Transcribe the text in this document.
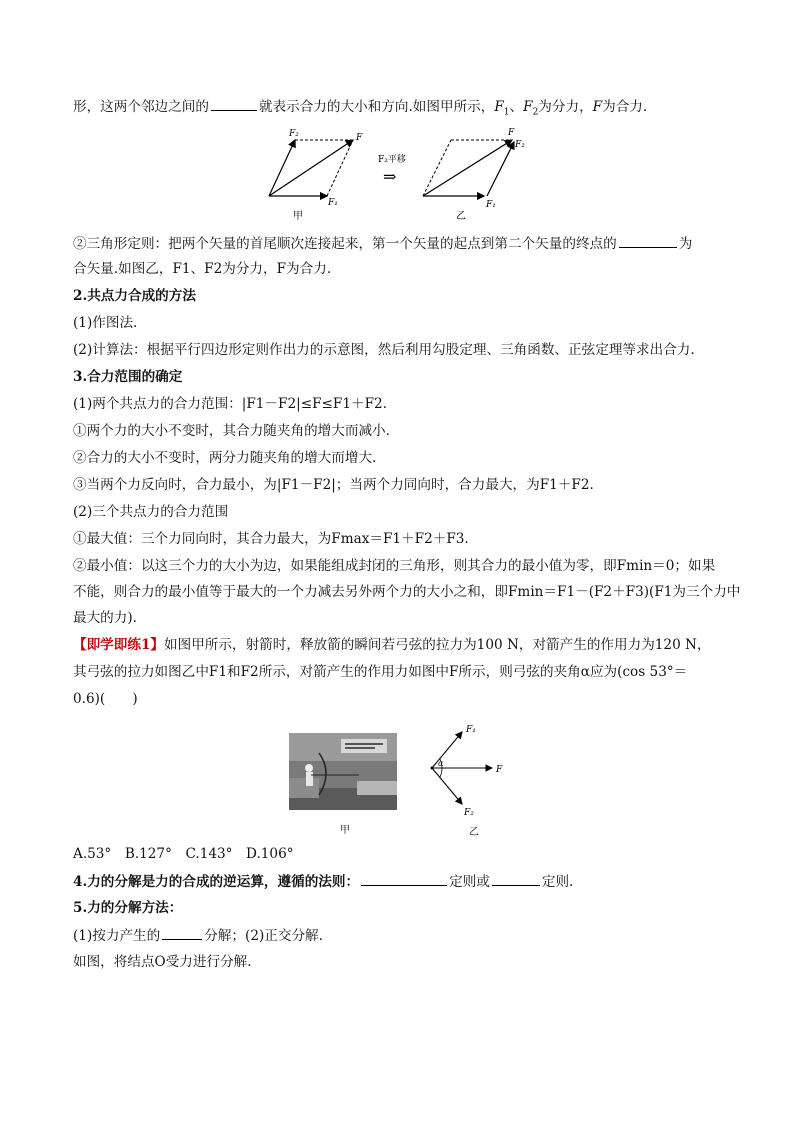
形，这两个邻边之间的	就表示合力的大小和方向.如图甲所示，$F_1$、$F_2$为分力，F为合力.
F₂	F
F₁
甲
F₂平移
⇒
F
F₂
F₁
乙
②三角形定则：把两个矢量的首尾顺次连接起来，第一个矢量的起点到第二个矢量的终点的	为
合矢量.如图乙，F1、F2为分力，F为合力.
2.共点力合成的方法
(1)作图法.
(2)计算法：根据平行四边形定则作出力的示意图，然后利用勾股定理、三角函数、正弦定理等求出合力.
3.合力范围的确定
(1)两个共点力的合力范围：|F1－F2|≤F≤F1＋F2.
①两个力的大小不变时，其合力随夹角的增大而减小.
②合力的大小不变时，两分力随夹角的增大而增大.
③当两个力反向时，合力最小，为|F1－F2|；当两个力同向时，合力最大，为F1＋F2.
(2)三个共点力的合力范围
①最大值：三个力同向时，其合力最大，为Fmax＝F1＋F2＋F3.
②最小值：以这三个力的大小为边，如果能组成封闭的三角形，则其合力的最小值为零，即Fmin＝0；如果
不能，则合力的最小值等于最大的一个力减去另外两个力的大小之和，即Fmin＝F1－(F2＋F3)(F1为三个力中
最大的力).
【即学即练1】如图甲所示，射箭时，释放箭的瞬间若弓弦的拉力为100 N，对箭产生的作用力为120 N，
其弓弦的拉力如图乙中F1和F2所示，对箭产生的作用力如图中F所示，则弓弦的夹角α应为(cos 53°＝
0.6)(　　)
F₁
F₂
F
α
甲	乙
A.53°　B.127°　C.143°　D.106°
4.力的分解是力的合成的逆运算，遵循的法则：	定则或	定则.
5.力的分解方法：
(1)按力产生的	分解；(2)正交分解.
如图，将结点O受力进行分解.
